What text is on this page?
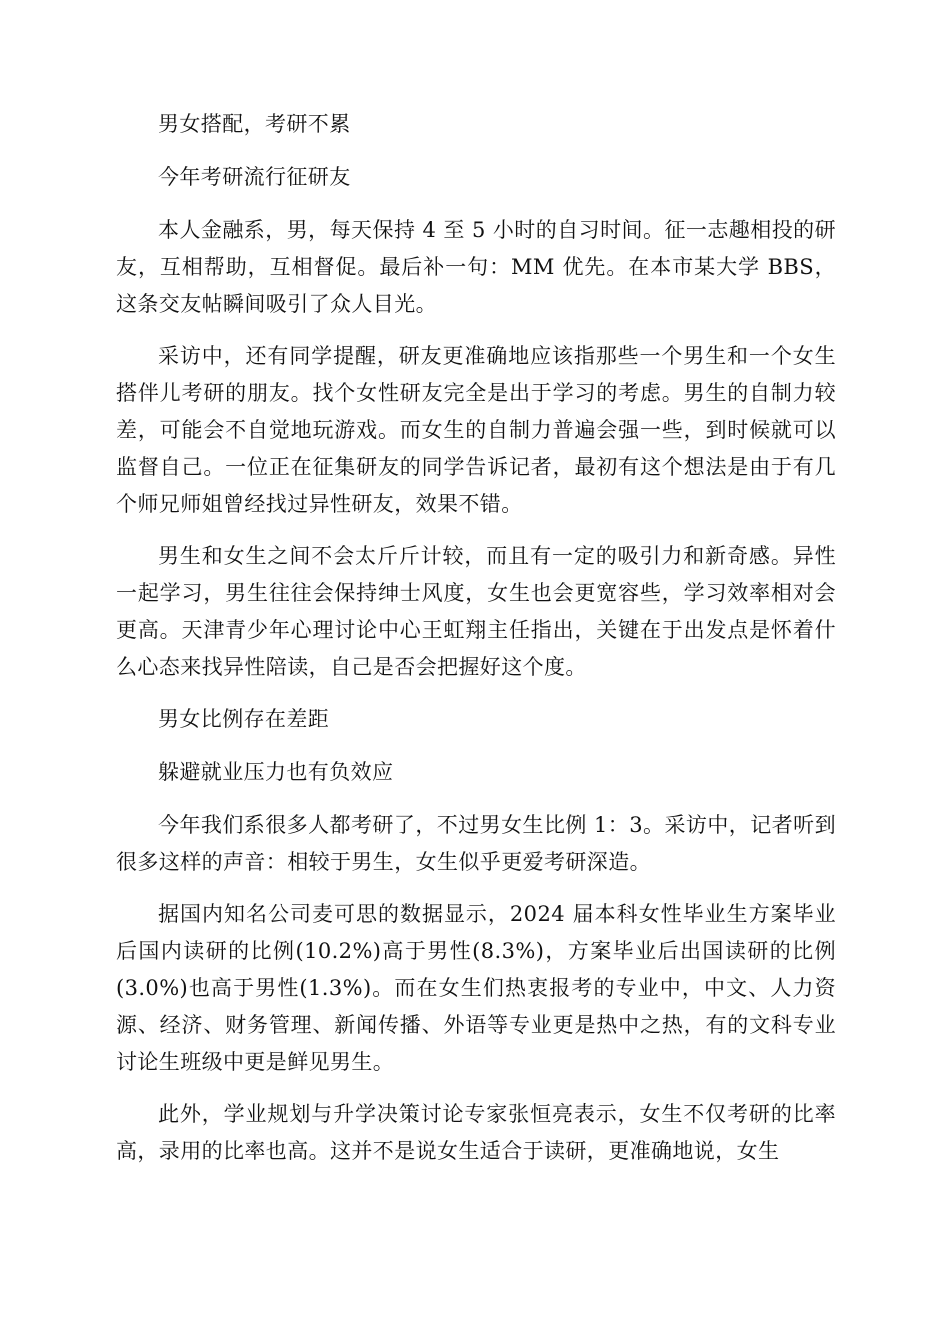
男女搭配，考研不累

今年考研流行征研友

本人金融系，男，每天保持 4 至 5 小时的自习时间。征一志趣相投的研友，互相帮助，互相督促。最后补一句：MM 优先。在本市某大学 BBS，这条交友帖瞬间吸引了众人目光。

采访中，还有同学提醒，研友更准确地应该指那些一个男生和一个女生搭伴儿考研的朋友。找个女性研友完全是出于学习的考虑。男生的自制力较差，可能会不自觉地玩游戏。而女生的自制力普遍会强一些，到时候就可以监督自己。一位正在征集研友的同学告诉记者，最初有这个想法是由于有几个师兄师姐曾经找过异性研友，效果不错。

男生和女生之间不会太斤斤计较，而且有一定的吸引力和新奇感。异性一起学习，男生往往会保持绅士风度，女生也会更宽容些，学习效率相对会更高。天津青少年心理讨论中心王虹翔主任指出，关键在于出发点是怀着什么心态来找异性陪读，自己是否会把握好这个度。

男女比例存在差距

躲避就业压力也有负效应

今年我们系很多人都考研了，不过男女生比例 1：3。采访中，记者听到很多这样的声音：相较于男生，女生似乎更爱考研深造。

据国内知名公司麦可思的数据显示，2024 届本科女性毕业生方案毕业后国内读研的比例(10.2%)高于男性(8.3%)，方案毕业后出国读研的比例(3.0%)也高于男性(1.3%)。而在女生们热衷报考的专业中，中文、人力资源、经济、财务管理、新闻传播、外语等专业更是热中之热，有的文科专业讨论生班级中更是鲜见男生。

此外，学业规划与升学决策讨论专家张恒亮表示，女生不仅考研的比率高，录用的比率也高。这并不是说女生适合于读研，更准确地说，女生
